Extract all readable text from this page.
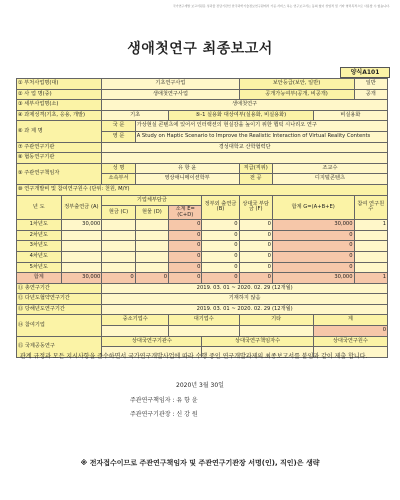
국가연구개발 보고서원문 성과물 전담기관인 한국과학기술정보연구원에서 가공·서비스 하는 연구보고서는 동의 없이 상업적 및 기타 영리목적으로 사용할 수 없습니다.
생애첫연구 최종보고서
양식A101
① 부처사업명(대)		기초연구사업				보안등급(보안, 일반)			일반
② 사 업 명(중)		생애첫연구사업				공개가능여부(공개, 비공개)			공개
③ 세부사업명(소)		생애첫연구							
④ 과제성격(기초, 응용, 개발)		기초		⑤-1 실용화 대상여부(실용화, 비실용화)				비실용화	
⑥ 과 제 명		국 문	가상현실 콘텐츠에 있어서 인터랙션의 현실감을 높이기 위한 햅틱 시나리오 연구						
		영 문	A Study on Haptic Scenario to Improve the Realistic Interaction of Virtual Reality Contents						
⑦ 주관연구기관		경성대학교 산학협력단							
⑧ 협동연구기관									
⑨ 주관연구책임자		성 명	유 항 윤			직급(직위)	조교수		
		소속부서	영상애니메이션학부			전 공	디지털콘텐츠		
⑩ 연구개발비 및 참여연구원수 (단위: 천원, M/Y)									
년 도	정부출연금 (A)	기업체부담금			정부외 출연금 (B)	상대국 부담금 (F)	합계 G=(A+B+E)		참여 연구원수
		현금 (C)	현물 (D)	소계 E=(C+D)					
1차년도	30,000			0	0	0	30,000		1
2차년도				0	0	0	0		
3차년도				0	0	0	0		
4차년도				0	0	0	0		
5차년도				0	0	0	0		
합계	30,000	0	0	0	0	0	30,000		1
⑪ 총연구기간		2019. 03. 01 ~ 2020. 02. 29 (12개월)							
⑫ 다년도협약연구기간		기재하지 않음							
⑬ 당해년도연구기간		2019. 03. 01 ~ 2020. 02. 29 (12개월)							
⑭ 참여기업		중소기업수		대기업수		기타		계	
								0	
⑮ 국제공동연구		상대국연구기관수			상대국연구책임자수			상대국연구원수	

관계 규정과 모든 지시사항을 준수하면서 국가연구개발사업에 따라 수행 중인 연구개발과제의 최종보고서를 붙임과 같이 제출 합니다.
2020년 3월 30일
주관연구책임자 : 유 항 윤
주관연구기관장 : 신 강 원
※ 전자접수이므로 주관연구책임자 및 주관연구기관장 서명(인), 직인)은 생략
